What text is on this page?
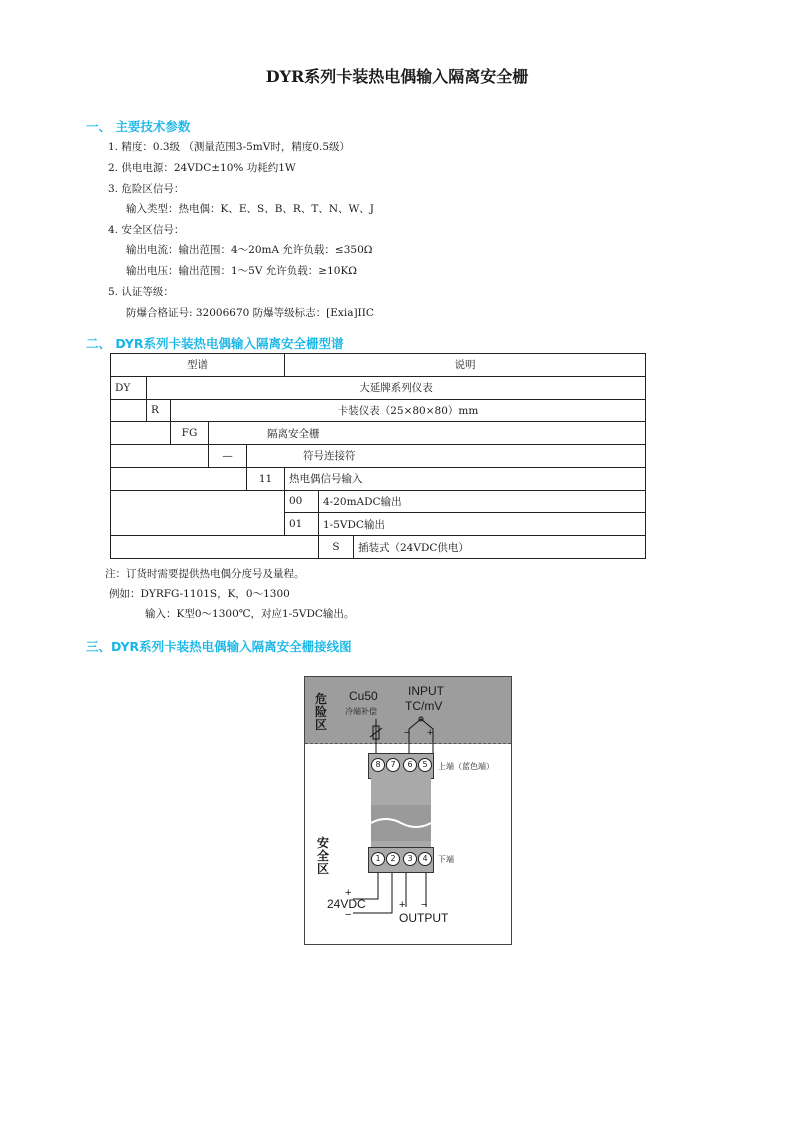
DYR系列卡装热电偶输入隔离安全栅
一、 主要技术参数
1. 精度：0.3级 （测量范围3-5mV时，精度0.5级）
2. 供电电源：24VDC±10% 功耗约1W
3. 危险区信号：
输入类型：热电偶：K、E、S、B、R、T、N、W、J
4. 安全区信号：
输出电流：输出范围：4～20mA 允许负载：≤350Ω
输出电压：输出范围：1～5V 允许负载：≥10KΩ
5. 认证等级：
防爆合格证号: 32006670 防爆等级标志：[Exia]IIC
二、 DYR系列卡装热电偶输入隔离安全栅型谱
型谱					说明		
DY	大延牌系列仪表						
	R	卡装仪表（25×80×80）mm					
		FG	隔离安全栅				
			—	符号连接符			
				11	热电偶信号输入		
					00	4-20mADC输出	
					01	1-5VDC输出	
						S	插装式（24VDC供电）
注：订货时需要提供热电偶分度号及量程。
例如：DYRFG-1101S，K，0～1300
输入：K型0～1300℃，对应1-5VDC输出。
三、DYR系列卡装热电偶输入隔离安全栅接线图
危险区
安全区
Cu50
冷端补偿
INPUT
TC/mV
8	7	6	5	上端（蓝色端）
1	2	3	4	下端
− +
+
24VDC
−
+ −
OUTPUT
